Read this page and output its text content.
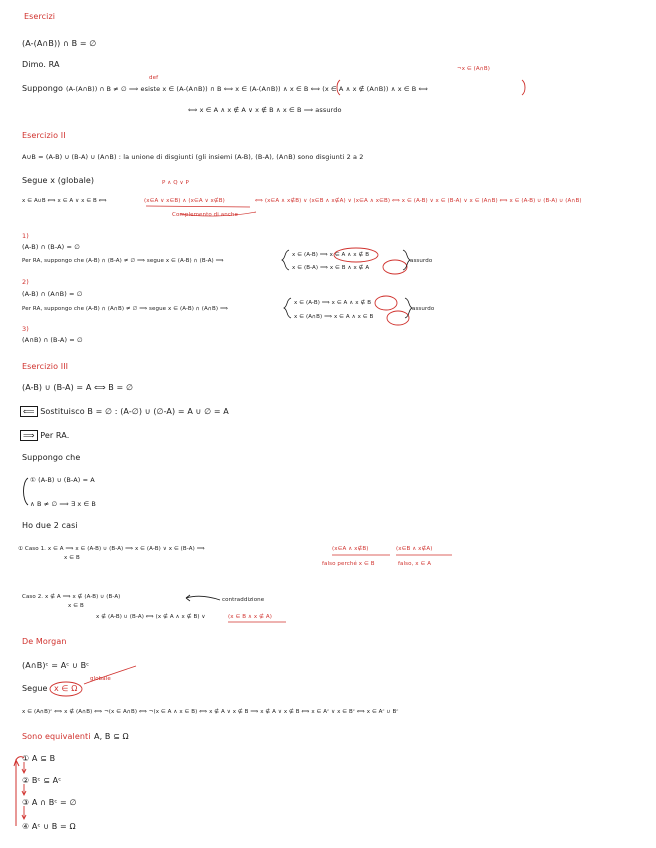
Esercizi
(A-(A∩B)) ∩ B = ∅
Dimo. RA	¬x ∈ (A∩B)
def
Suppongo (A-(A∩B)) ∩ B ≠ ∅ ⟹ esiste x ∈ (A-(A∩B)) ∩ B ⟺ x ∈ (A-(A∩B)) ∧ x ∈ B ⟺ (x ∈ A ∧ x ∉ (A∩B)) ∧ x ∈ B ⟺
⟺ x ∈ A ∧ x ∉ A ∨ x ∉ B ∧ x ∈ B ⟹ assurdo
Esercizio II
A∪B = (A-B) ∪ (B-A) ∪ (A∩B) : la unione di disgiunti (gli insiemi (A-B), (B-A), (A∩B) sono disgiunti 2 a 2
Segue x (globale)	P ∧ Q ∨ P
x ∈ A∪B ⟺ x ∈ A ∨ x ∈ B ⟺	(x∈A ∨ x∈B) ∧ (x∈A ∨ x∉B)	⟺ (x∈A ∧ x∉B) ∨ (x∈B ∧ x∉A) ∨ (x∈A ∧ x∈B) ⟺ x ∈ (A-B) ∨ x ∈ (B-A) ∨ x ∈ (A∩B) ⟺ x ∈ (A-B) ∪ (B-A) ∪ (A∩B)
Complemento di anche
1)
(A-B) ∩ (B-A) = ∅
Per RA, suppongo che (A-B) ∩ (B-A) ≠ ∅ ⟹ segue x ∈ (A-B) ∩ (B-A) ⟹
x ∈ (A-B) ⟹ x ∈ A ∧ x ∉ B
x ∈ (B-A) ⟹ x ∈ B ∧ x ∉ A
assurdo
2)
(A-B) ∩ (A∩B) = ∅
Per RA, suppongo che (A-B) ∩ (A∩B) ≠ ∅ ⟹ segue x ∈ (A-B) ∩ (A∩B) ⟹
x ∈ (A-B) ⟹ x ∈ A ∧ x ∉ B
x ∈ (A∩B) ⟹ x ∈ A ∧ x ∈ B
assurdo
3)
(A∩B) ∩ (B-A) = ∅
Esercizio III
(A-B) ∪ (B-A) = A ⟺ B = ∅
⟸ Sostituisco B = ∅ : (A-∅) ∪ (∅-A) = A ∪ ∅ = A
⟹ Per RA.
Suppongo che
① (A-B) ∪ (B-A) = A
∧ B ≠ ∅ ⟹ ∃ x ∈ B
Ho due 2 casi
① Caso 1. x ∈ A ⟹ x ∈ (A-B) ∪ (B-A) ⟹ x ∈ (A-B) ∨ x ∈ (B-A) ⟹
x ∈ B
(x∈A ∧ x∉B)	(x∈B ∧ x∉A)
falso perché x ∈ B	falso, x ∈ A
Caso 2. x ∉ A ⟹ x ∉ (A-B) ∪ (B-A)
x ∈ B
contraddizione
x ∉ (A-B) ∪ (B-A) ⟺ (x ∉ A ∧ x ∉ B) ∨	(x ∈ B ∧ x ∉ A)
De Morgan
(A∩B)ᶜ = Aᶜ ∪ Bᶜ
Segue x ∈ Ω
globale
x ∈ (A∩B)ᶜ ⟺ x ∉ (A∩B) ⟺ ¬(x ∈ A∩B) ⟺ ¬(x ∈ A ∧ x ∈ B) ⟺ x ∉ A ∨ x ∉ B ⟹ x ∉ A ∨ x ∉ B ⟺ x ∈ Aᶜ ∨ x ∈ Bᶜ ⟺ x ∈ Aᶜ ∪ Bᶜ
Sono equivalenti A, B ⊆ Ω
① A ⊆ B
② Bᶜ ⊆ Aᶜ
③ A ∩ Bᶜ = ∅
④ Aᶜ ∪ B = Ω
